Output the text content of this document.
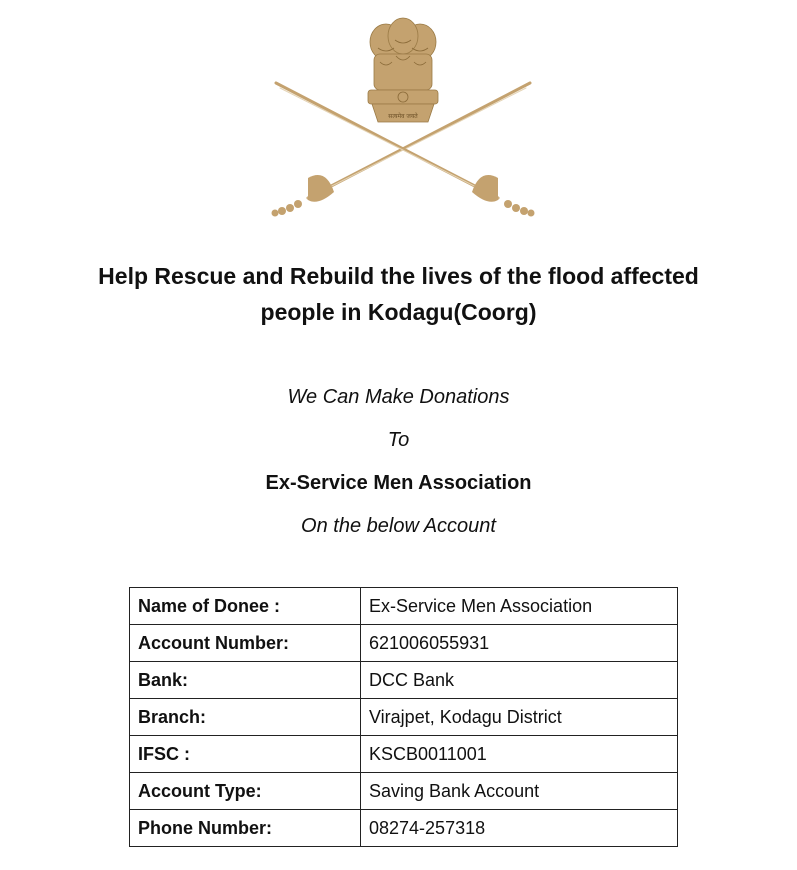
सत्यमेव जयते
Help Rescue and Rebuild the lives of the flood affected
people in Kodagu(Coorg)
We Can Make Donations
To
Ex-Service Men Association
On the below Account
Name of Donee :	Ex-Service Men Association
Account Number:	621006055931
Bank:	DCC Bank
Branch:	Virajpet, Kodagu District
IFSC :	KSCB0011001
Account Type:	Saving Bank Account
Phone Number:	08274-257318
